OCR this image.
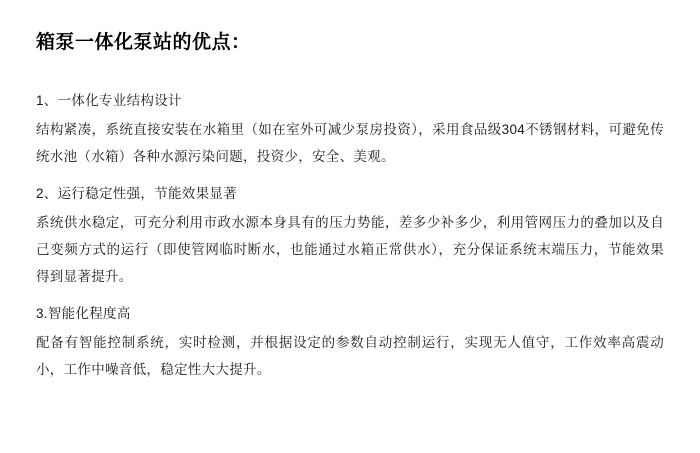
箱泵一体化泵站的优点：

1、一体化专业结构设计

结构紧凑，系统直接安装在水箱里（如在室外可减少泵房投资），采用食品级304不锈钢材料，可避免传统水池（水箱）各种水源污染问题，投资少，安全、美观。

2、运行稳定性强，节能效果显著

系统供水稳定，可充分利用市政水源本身具有的压力势能，差多少补多少，利用管网压力的叠加以及自己变频方式的运行（即使管网临时断水，也能通过水箱正常供水），充分保证系统末端压力，节能效果得到显著提升。

3.智能化程度高

配备有智能控制系统，实时检测，并根据设定的参数自动控制运行，实现无人值守，工作效率高震动小，工作中噪音低，稳定性大大提升。
